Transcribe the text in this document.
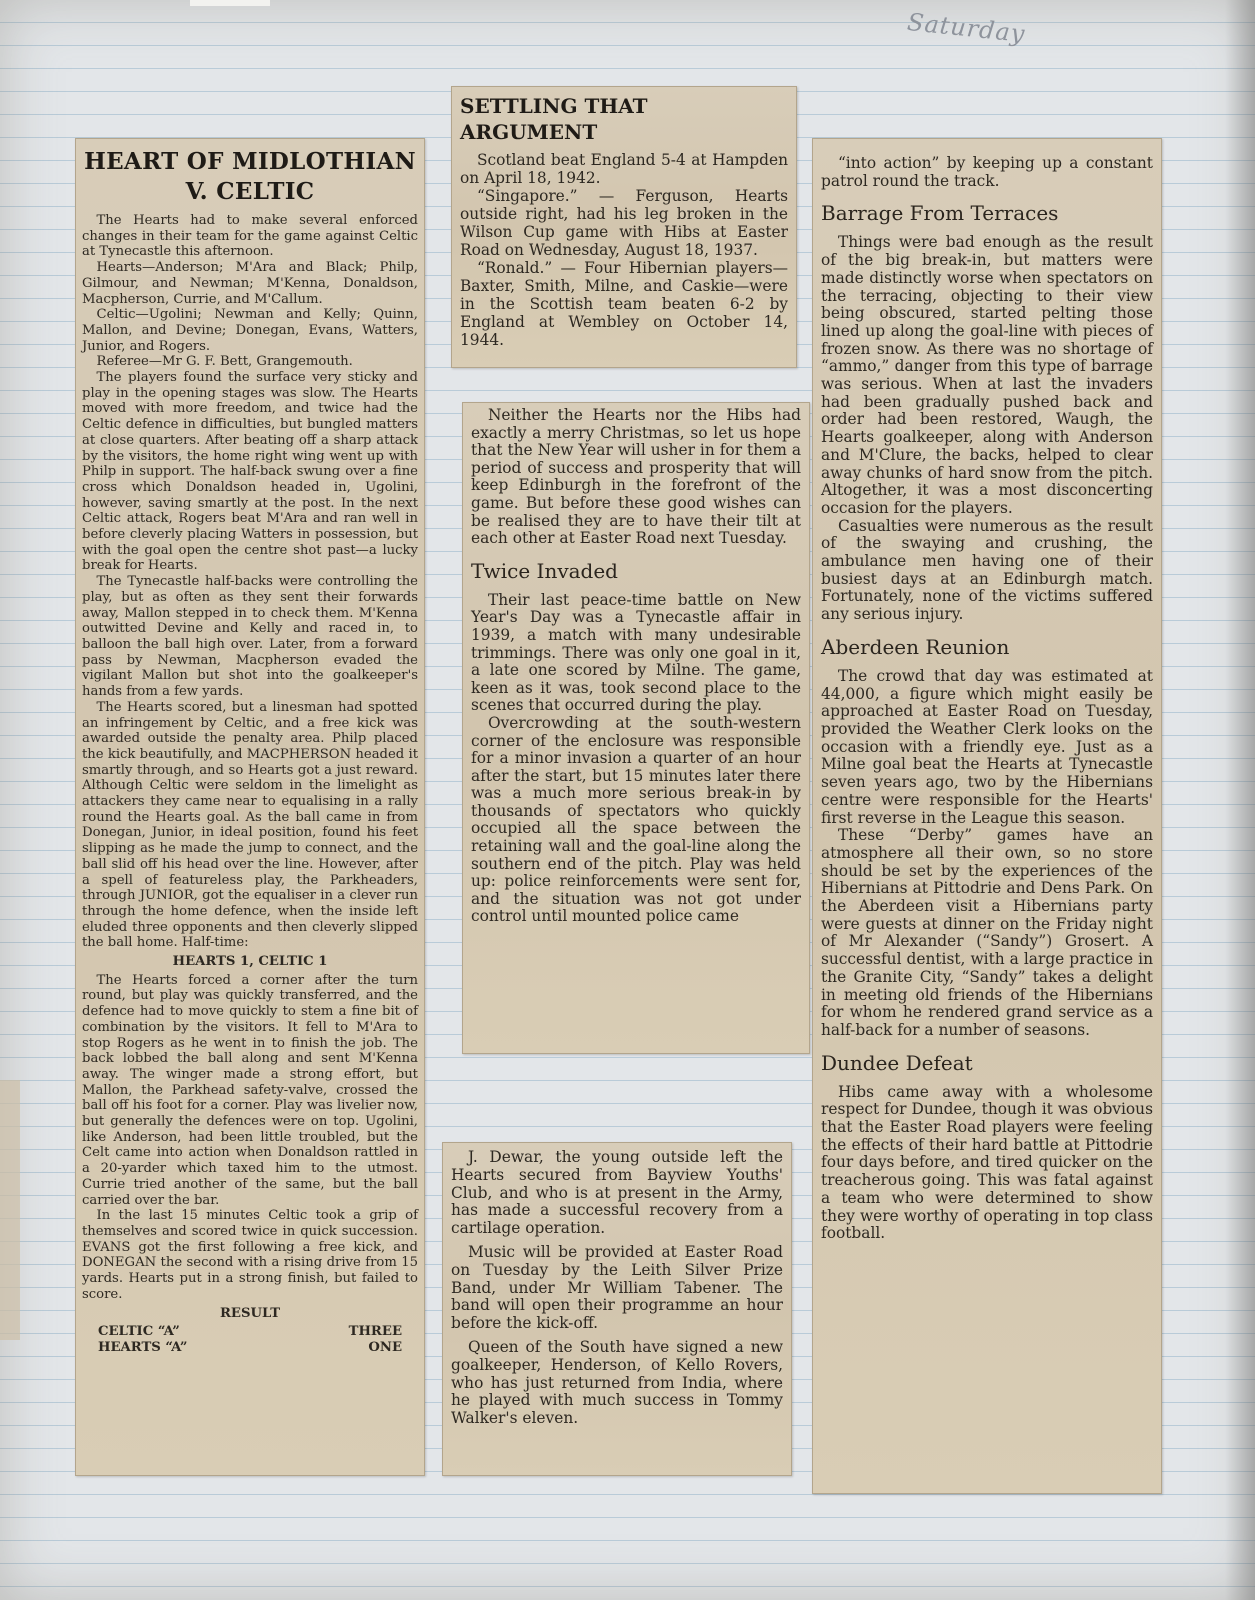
Saturday
HEART OF MIDLOTHIAN V. CELTIC

The Hearts had to make several enforced changes in their team for the game against Celtic at Tynecastle this afternoon.

Hearts—Anderson; M'Ara and Black; Philp, Gilmour, and Newman; M'Kenna, Donaldson, Macpherson, Currie, and M'Callum.

Celtic—Ugolini; Newman and Kelly; Quinn, Mallon, and Devine; Donegan, Evans, Watters, Junior, and Rogers.

Referee—Mr G. F. Bett, Grangemouth.

The players found the surface very sticky and play in the opening stages was slow. The Hearts moved with more freedom, and twice had the Celtic defence in difficulties, but bungled matters at close quarters. After beating off a sharp attack by the visitors, the home right wing went up with Philp in support. The half-back swung over a fine cross which Donaldson headed in, Ugolini, however, saving smartly at the post. In the next Celtic attack, Rogers beat M'Ara and ran well in before cleverly placing Watters in possession, but with the goal open the centre shot past—a lucky break for Hearts.

The Tynecastle half-backs were controlling the play, but as often as they sent their forwards away, Mallon stepped in to check them. M'Kenna outwitted Devine and Kelly and raced in, to balloon the ball high over. Later, from a forward pass by Newman, Macpherson evaded the vigilant Mallon but shot into the goalkeeper's hands from a few yards.

The Hearts scored, but a linesman had spotted an infringement by Celtic, and a free kick was awarded outside the penalty area. Philp placed the kick beautifully, and MACPHERSON headed it smartly through, and so Hearts got a just reward. Although Celtic were seldom in the limelight as attackers they came near to equalising in a rally round the Hearts goal. As the ball came in from Donegan, Junior, in ideal position, found his feet slipping as he made the jump to connect, and the ball slid off his head over the line. However, after a spell of featureless play, the Parkheaders, through JUNIOR, got the equaliser in a clever run through the home defence, when the inside left eluded three opponents and then cleverly slipped the ball home. Half-time:

HEARTS 1, CELTIC 1

The Hearts forced a corner after the turn round, but play was quickly transferred, and the defence had to move quickly to stem a fine bit of combination by the visitors. It fell to M'Ara to stop Rogers as he went in to finish the job. The back lobbed the ball along and sent M'Kenna away. The winger made a strong effort, but Mallon, the Parkhead safety-valve, crossed the ball off his foot for a corner. Play was livelier now, but generally the defences were on top. Ugolini, like Anderson, had been little troubled, but the Celt came into action when Donaldson rattled in a 20-yarder which taxed him to the utmost. Currie tried another of the same, but the ball carried over the bar.

In the last 15 minutes Celtic took a grip of themselves and scored twice in quick succession. EVANS got the first following a free kick, and DONEGAN the second with a rising drive from 15 yards. Hearts put in a strong finish, but failed to score.

RESULT

CELTIC “A”	THREE
HEARTS “A”	ONE
SETTLING THAT ARGUMENT

Scotland beat England 5-4 at Hampden on April 18, 1942.

“Singapore.” — Ferguson, Hearts outside right, had his leg broken in the Wilson Cup game with Hibs at Easter Road on Wednesday, August 18, 1937.

“Ronald.” — Four Hibernian players—Baxter, Smith, Milne, and Caskie—were in the Scottish team beaten 6-2 by England at Wembley on October 14, 1944.

Neither the Hearts nor the Hibs had exactly a merry Christmas, so let us hope that the New Year will usher in for them a period of success and prosperity that will keep Edinburgh in the forefront of the game. But before these good wishes can be realised they are to have their tilt at each other at Easter Road next Tuesday.

Twice Invaded

Their last peace-time battle on New Year's Day was a Tynecastle affair in 1939, a match with many undesirable trimmings. There was only one goal in it, a late one scored by Milne. The game, keen as it was, took second place to the scenes that occurred during the play.

Overcrowding at the south-western corner of the enclosure was responsible for a minor invasion a quarter of an hour after the start, but 15 minutes later there was a much more serious break-in by thousands of spectators who quickly occupied all the space between the retaining wall and the goal-line along the southern end of the pitch. Play was held up: police reinforcements were sent for, and the situation was not got under control until mounted police came

J. Dewar, the young outside left the Hearts secured from Bayview Youths' Club, and who is at present in the Army, has made a successful recovery from a cartilage operation.

Music will be provided at Easter Road on Tuesday by the Leith Silver Prize Band, under Mr William Tabener. The band will open their programme an hour before the kick-off.

Queen of the South have signed a new goalkeeper, Henderson, of Kello Rovers, who has just returned from India, where he played with much success in Tommy Walker's eleven.

“into action” by keeping up a constant patrol round the track.

Barrage From Terraces

Things were bad enough as the result of the big break-in, but matters were made distinctly worse when spectators on the terracing, objecting to their view being obscured, started pelting those lined up along the goal-line with pieces of frozen snow. As there was no shortage of “ammo,” danger from this type of barrage was serious. When at last the invaders had been gradually pushed back and order had been restored, Waugh, the Hearts goalkeeper, along with Anderson and M'Clure, the backs, helped to clear away chunks of hard snow from the pitch. Altogether, it was a most disconcerting occasion for the players.

Casualties were numerous as the result of the swaying and crushing, the ambulance men having one of their busiest days at an Edinburgh match. Fortunately, none of the victims suffered any serious injury.

Aberdeen Reunion

The crowd that day was estimated at 44,000, a figure which might easily be approached at Easter Road on Tuesday, provided the Weather Clerk looks on the occasion with a friendly eye. Just as a Milne goal beat the Hearts at Tynecastle seven years ago, two by the Hibernians centre were responsible for the Hearts' first reverse in the League this season.

These “Derby” games have an atmosphere all their own, so no store should be set by the experiences of the Hibernians at Pittodrie and Dens Park. On the Aberdeen visit a Hibernians party were guests at dinner on the Friday night of Mr Alexander (“Sandy”) Grosert. A successful dentist, with a large practice in the Granite City, “Sandy” takes a delight in meeting old friends of the Hibernians for whom he rendered grand service as a half-back for a number of seasons.

Dundee Defeat

Hibs came away with a wholesome respect for Dundee, though it was obvious that the Easter Road players were feeling the effects of their hard battle at Pittodrie four days before, and tired quicker on the treacherous going. This was fatal against a team who were determined to show they were worthy of operating in top class football.
